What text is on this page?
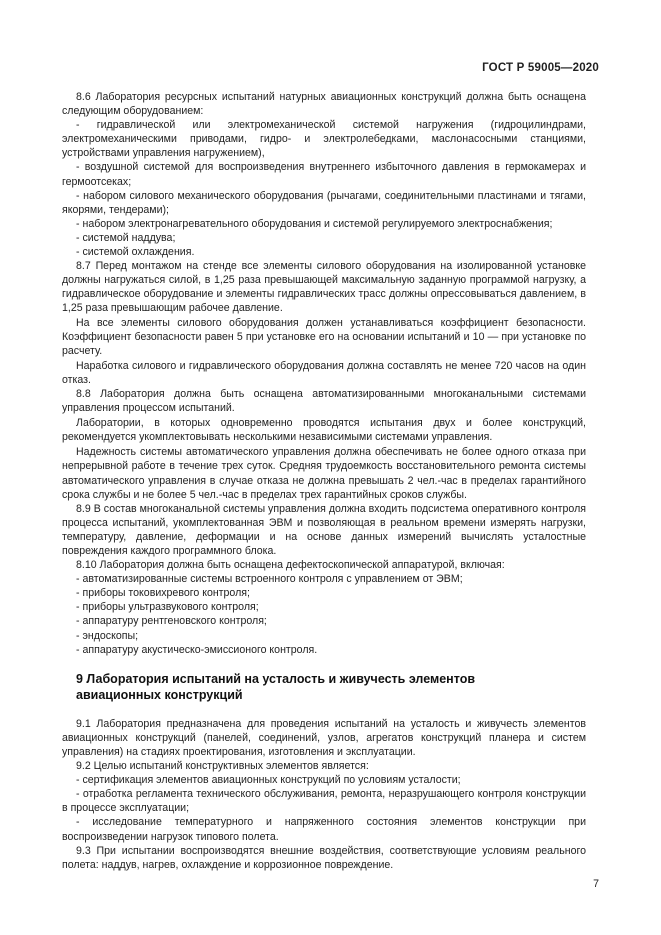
ГОСТ Р 59005—2020

8.6 Лаборатория ресурсных испытаний натурных авиационных конструкций должна быть оснащена следующим оборудованием:

- гидравлической или электромеханической системой нагружения (гидроцилиндрами, электромеханическими приводами, гидро- и электролебедками, маслонасосными станциями, устройствами управления нагружением),

- воздушной системой для воспроизведения внутреннего избыточного давления в гермокамерах и гермоотсеках;

- набором силового механического оборудования (рычагами, соединительными пластинами и тягами, якорями, тендерами);

- набором электронагревательного оборудования и системой регулируемого электроснабжения;

- системой наддува;

- системой охлаждения.

8.7 Перед монтажом на стенде все элементы силового оборудования на изолированной установке должны нагружаться силой, в 1,25 раза превышающей максимальную заданную программой нагрузку, а гидравлическое оборудование и элементы гидравлических трасс должны опрессовываться давлением, в 1,25 раза превышающим рабочее давление.

На все элементы силового оборудования должен устанавливаться коэффициент безопасности. Коэффициент безопасности равен 5 при установке его на основании испытаний и 10 — при установке по расчету.

Наработка силового и гидравлического оборудования должна составлять не менее 720 часов на один отказ.

8.8 Лаборатория должна быть оснащена автоматизированными многоканальными системами управления процессом испытаний.

Лаборатории, в которых одновременно проводятся испытания двух и более конструкций, рекомендуется укомплектовывать несколькими независимыми системами управления.

Надежность системы автоматического управления должна обеспечивать не более одного отказа при непрерывной работе в течение трех суток. Средняя трудоемкость восстановительного ремонта системы автоматического управления в случае отказа не должна превышать 2 чел.-час в пределах гарантийного срока службы и не более 5 чел.-час в пределах трех гарантийных сроков службы.

8.9 В состав многоканальной системы управления должна входить подсистема оперативного контроля процесса испытаний, укомплектованная ЭВМ и позволяющая в реальном времени измерять нагрузки, температуру, давление, деформации и на основе данных измерений вычислять усталостные повреждения каждого программного блока.

8.10 Лаборатория должна быть оснащена дефектоскопической аппаратурой, включая:

- автоматизированные системы встроенного контроля с управлением от ЭВМ;

- приборы токовихревого контроля;

- приборы ультразвукового контроля;

- аппаратуру рентгеновского контроля;

- эндоскопы;

- аппаратуру акустическо-эмиссионого контроля.

9 Лаборатория испытаний на усталость и живучесть элементов
авиационных конструкций

9.1 Лаборатория предназначена для проведения испытаний на усталость и живучесть элементов авиационных конструкций (панелей, соединений, узлов, агрегатов конструкций планера и систем управления) на стадиях проектирования, изготовления и эксплуатации.

9.2 Целью испытаний конструктивных элементов является:

- сертификация элементов авиационных конструкций по условиям усталости;

- отработка регламента технического обслуживания, ремонта, неразрушающего контроля конструкции в процессе эксплуатации;

- исследование температурного и напряженного состояния элементов конструкции при воспроизведении нагрузок типового полета.

9.3 При испытании воспроизводятся внешние воздействия, соответствующие условиям реального полета: наддув, нагрев, охлаждение и коррозионное повреждение.

7
